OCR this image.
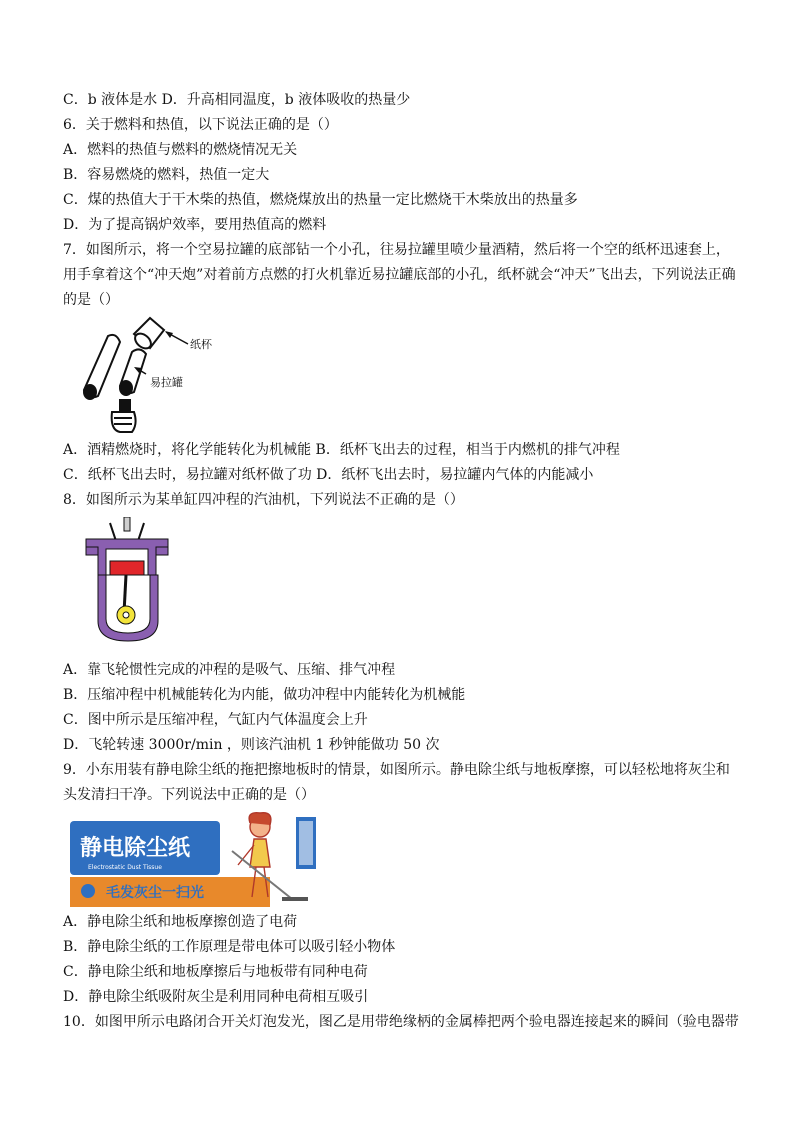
C．b 液体是水 D．升高相同温度，b 液体吸收的热量少
6．关于燃料和热值，以下说法正确的是（）
A．燃料的热值与燃料的燃烧情况无关
B．容易燃烧的燃料，热值一定大
C．煤的热值大于干木柴的热值，燃烧煤放出的热量一定比燃烧干木柴放出的热量多
D．为了提高锅炉效率，要用热值高的燃料
7．如图所示，将一个空易拉罐的底部钻一个小孔，往易拉罐里喷少量酒精，然后将一个空的纸杯迅速套上，
用手拿着这个“冲天炮”对着前方点燃的打火机靠近易拉罐底部的小孔，纸杯就会“冲天”飞出去，下列说法正确
的是（）
纸杯
易拉罐
A．酒精燃烧时，将化学能转化为机械能 B．纸杯飞出去的过程，相当于内燃机的排气冲程
C．纸杯飞出去时，易拉罐对纸杯做了功 D．纸杯飞出去时，易拉罐内气体的内能减小
8．如图所示为某单缸四冲程的汽油机，下列说法不正确的是（）
A．靠飞轮惯性完成的冲程的是吸气、压缩、排气冲程
B．压缩冲程中机械能转化为内能，做功冲程中内能转化为机械能
C．图中所示是压缩冲程，气缸内气体温度会上升
D．飞轮转速 3000r/min ，则该汽油机 1 秒钟能做功 50 次
9．小东用装有静电除尘纸的拖把擦地板时的情景，如图所示。静电除尘纸与地板摩擦，可以轻松地将灰尘和
头发清扫干净。下列说法中正确的是（）
静电除尘纸
Electrostatic Dust Tissue
毛发灰尘一扫光
A．静电除尘纸和地板摩擦创造了电荷
B．静电除尘纸的工作原理是带电体可以吸引轻小物体
C．静电除尘纸和地板摩擦后与地板带有同种电荷
D．静电除尘纸吸附灰尘是利用同种电荷相互吸引
10．如图甲所示电路闭合开关灯泡发光，图乙是用带绝缘柄的金属棒把两个验电器连接起来的瞬间（验电器带
